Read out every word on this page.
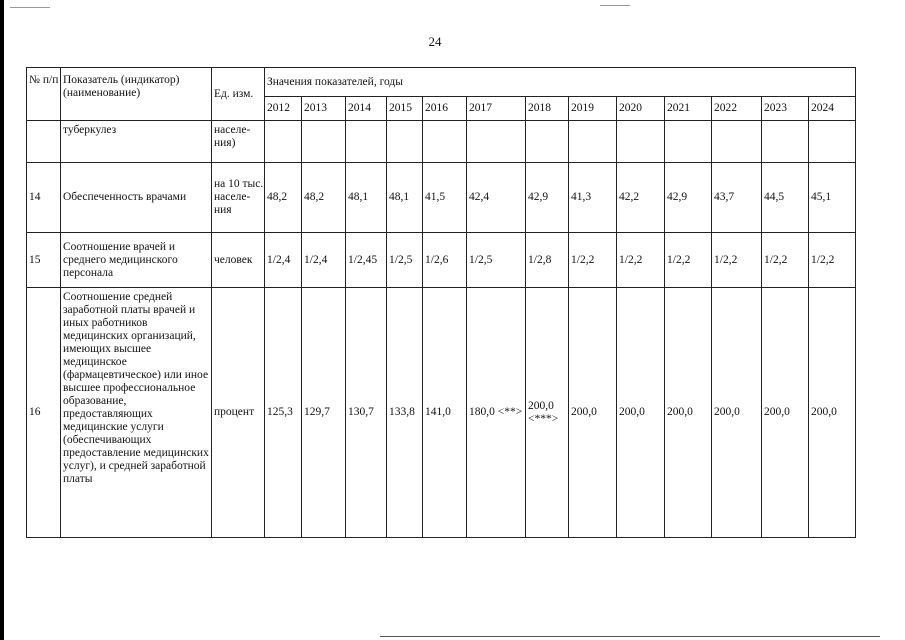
24
№ п/п	Показатель (индикатор) (наименование)	Ед. изм.	Значения показателей, годы												
			2012	2013	2014	2015	2016	2017	2018	2019	2020	2021	2022	2023	2024
	туберкулез	населе-ния)													
14	Обеспеченность врачами	на 10 тыс. населе-ния	48,2	48,2	48,1	48,1	41,5	42,4	42,9	41,3	42,2	42,9	43,7	44,5	45,1
15	Соотношение врачей и среднего медицинского персонала	человек	1/2,4	1/2,4	1/2,45	1/2,5	1/2,6	1/2,5	1/2,8	1/2,2	1/2,2	1/2,2	1/2,2	1/2,2	1/2,2
16	Соотношение средней заработной платы врачей и иных работников медицинских организаций, имеющих высшее медицинское (фармацевтическое) или иное высшее профессиональное образование, предоставляющих медицинские услуги (обеспечивающих предоставление медицинских услуг), и средней заработной платы	процент	125,3	129,7	130,7	133,8	141,0	180,0 <**>	200,0 <***>	200,0	200,0	200,0	200,0	200,0	200,0
